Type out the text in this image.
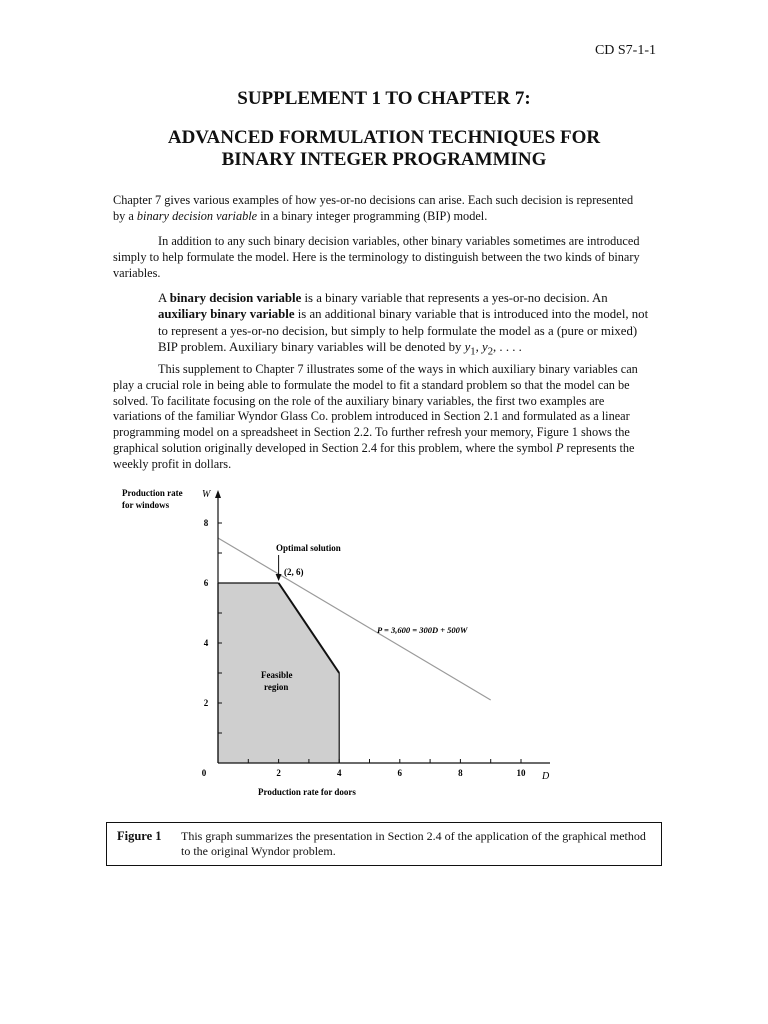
CD S7-1-1
SUPPLEMENT 1 TO CHAPTER 7:
ADVANCED FORMULATION TECHNIQUES FOR
BINARY INTEGER PROGRAMMING
Chapter 7 gives various examples of how yes-or-no decisions can arise. Each such decision is represented by a binary decision variable in a binary integer programming (BIP) model.
In addition to any such binary decision variables, other binary variables sometimes are introduced simply to help formulate the model. Here is the terminology to distinguish between the two kinds of binary variables.
A binary decision variable is a binary variable that represents a yes-or-no decision. An auxiliary binary variable is an additional binary variable that is introduced into the model, not to represent a yes-or-no decision, but simply to help formulate the model as a (pure or mixed) BIP problem. Auxiliary binary variables will be denoted by $y_1$, $y_2$, . . . .
This supplement to Chapter 7 illustrates some of the ways in which auxiliary binary variables can play a crucial role in being able to formulate the model to fit a standard problem so that the model can be solved. To facilitate focusing on the role of the auxiliary binary variables, the first two examples are variations of the familiar Wyndor Glass Co. problem introduced in Section 2.1 and formulated as a linear programming model on a spreadsheet in Section 2.2. To further refresh your memory, Figure 1 shows the graphical solution originally developed in Section 2.4 for this problem, where the symbol P represents the weekly profit in dollars.
0	2	4	6	8	10
2
4
6
8
Production rate
for windows
W
D
Production rate for doors
Feasible
region
Optimal solution
(2, 6)
P = 3,600 = 300D + 500W
Figure 1 This graph summarizes the presentation in Section 2.4 of the application of the graphical method to the original Wyndor problem.
